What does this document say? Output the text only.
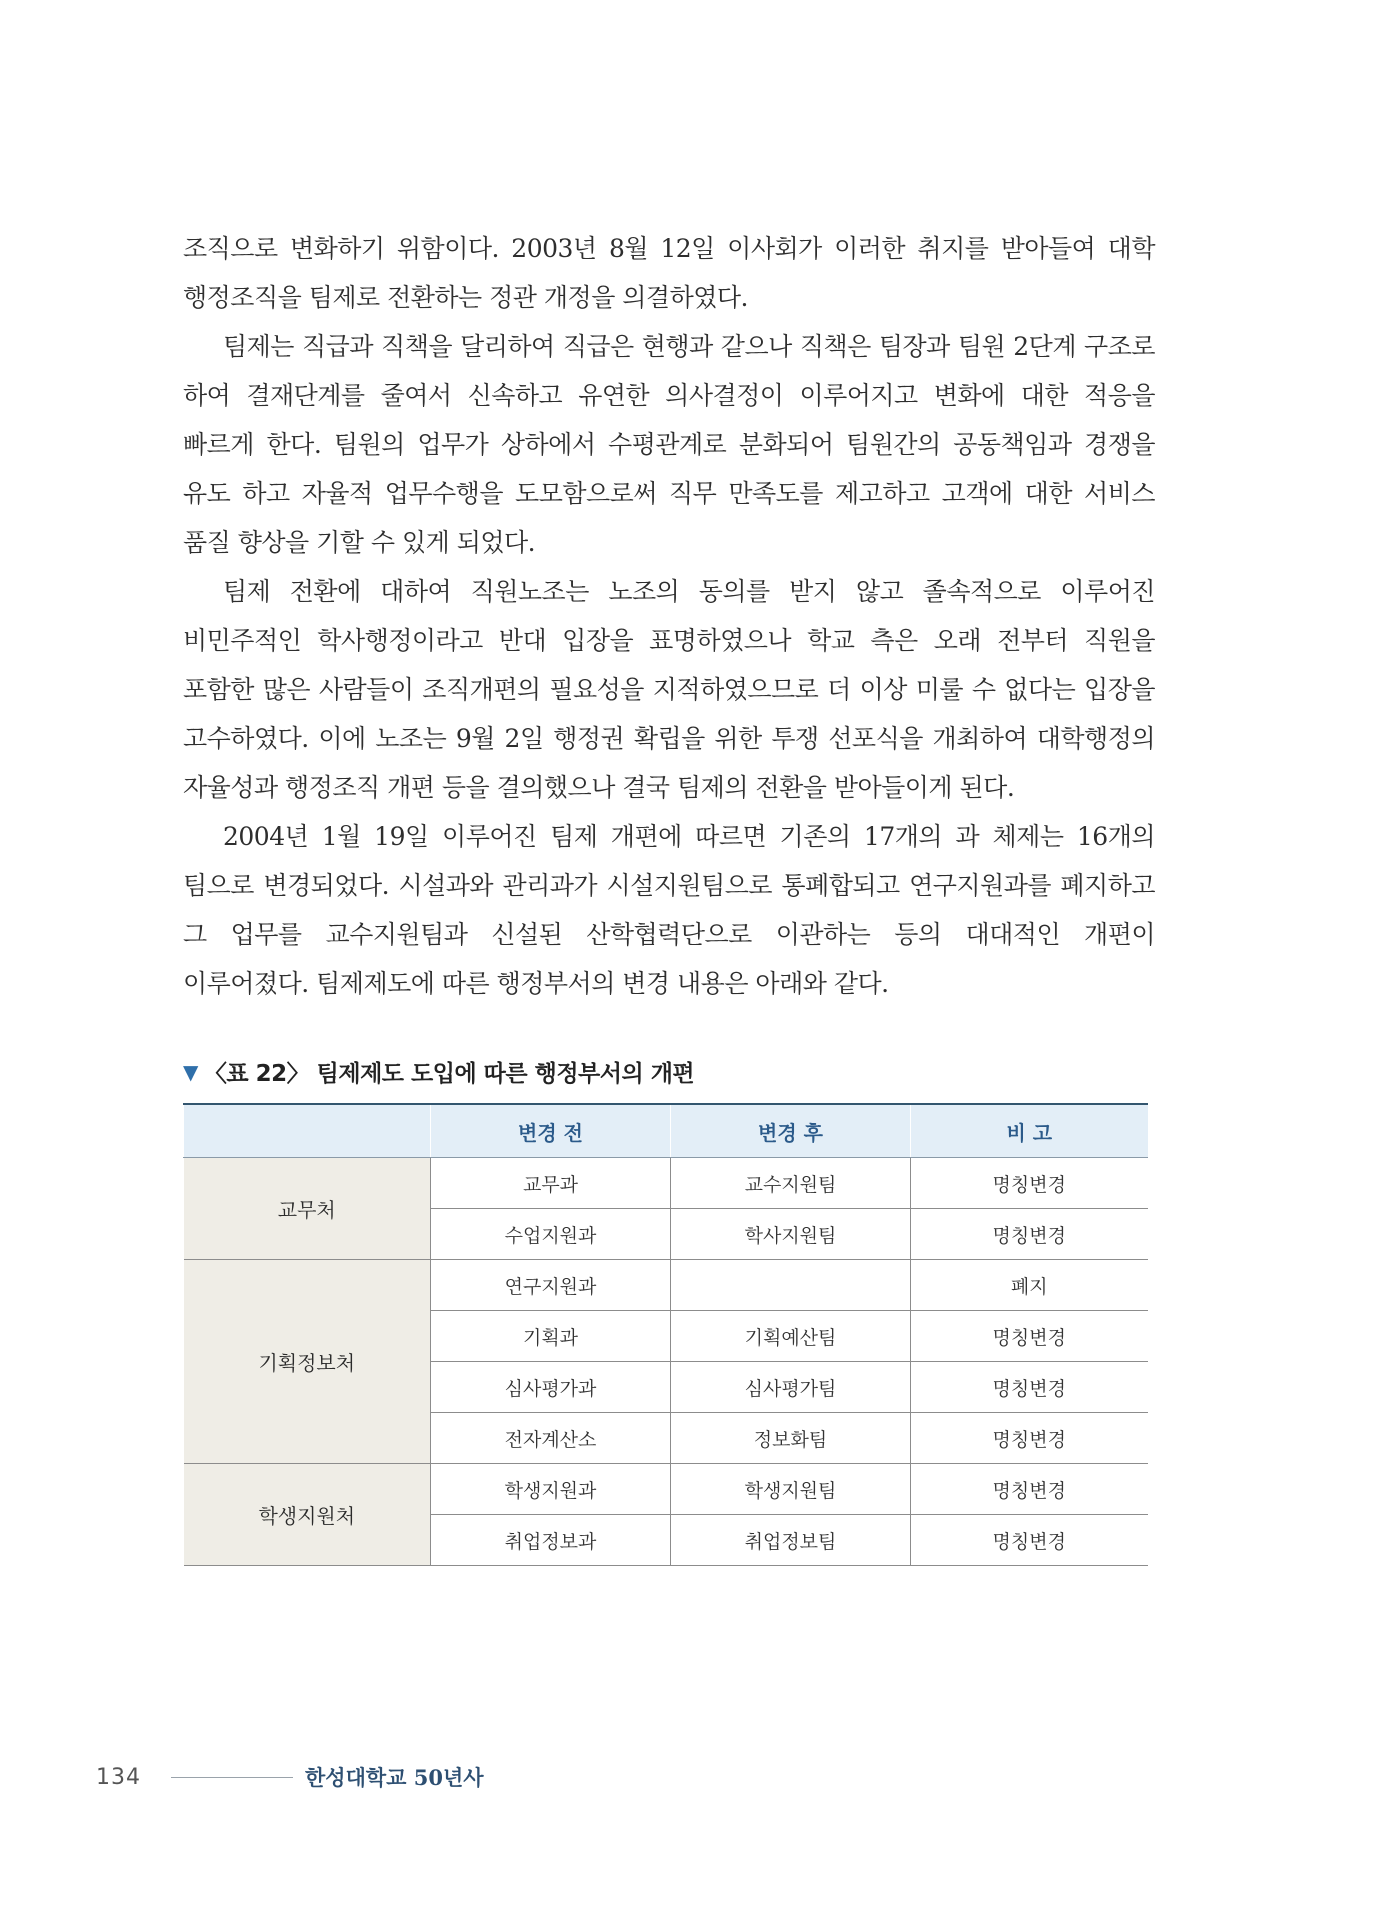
조직으로 변화하기 위함이다. 2003년 8월 12일 이사회가 이러한 취지를 받아들여 대학 행정조직을 팀제로 전환하는 정관 개정을 의결하였다.

팀제는 직급과 직책을 달리하여 직급은 현행과 같으나 직책은 팀장과 팀원 2단계 구조로 하여 결재단계를 줄여서 신속하고 유연한 의사결정이 이루어지고 변화에 대한 적응을 빠르게 한다. 팀원의 업무가 상하에서 수평관계로 분화되어 팀원간의 공동책임과 경쟁을 유도 하고 자율적 업무수행을 도모함으로써 직무 만족도를 제고하고 고객에 대한 서비스 품질 향상을 기할 수 있게 되었다.

팀제 전환에 대하여 직원노조는 노조의 동의를 받지 않고 졸속적으로 이루어진 비민주적인 학사행정이라고 반대 입장을 표명하였으나 학교 측은 오래 전부터 직원을 포함한 많은 사람들이 조직개편의 필요성을 지적하였으므로 더 이상 미룰 수 없다는 입장을 고수하였다. 이에 노조는 9월 2일 행정권 확립을 위한 투쟁 선포식을 개최하여 대학행정의 자율성과 행정조직 개편 등을 결의했으나 결국 팀제의 전환을 받아들이게 된다.

2004년 1월 19일 이루어진 팀제 개편에 따르면 기존의 17개의 과 체제는 16개의 팀으로 변경되었다. 시설과와 관리과가 시설지원팀으로 통폐합되고 연구지원과를 폐지하고 그 업무를 교수지원팀과 신설된 산학협력단으로 이관하는 등의 대대적인 개편이 이루어졌다. 팀제제도에 따른 행정부서의 변경 내용은 아래와 같다.

▼ 〈표 22〉 팀제제도 도입에 따른 행정부서의 개편
	변경 전	변경 후	비 고
교무처	교무과	교수지원팀	명칭변경
	수업지원과	학사지원팀	명칭변경
기획정보처	연구지원과		폐지
	기획과	기획예산팀	명칭변경
	심사평가과	심사평가팀	명칭변경
	전자계산소	정보화팀	명칭변경
학생지원처	학생지원과	학생지원팀	명칭변경
	취업정보과	취업정보팀	명칭변경
134	한성대학교 50년사
